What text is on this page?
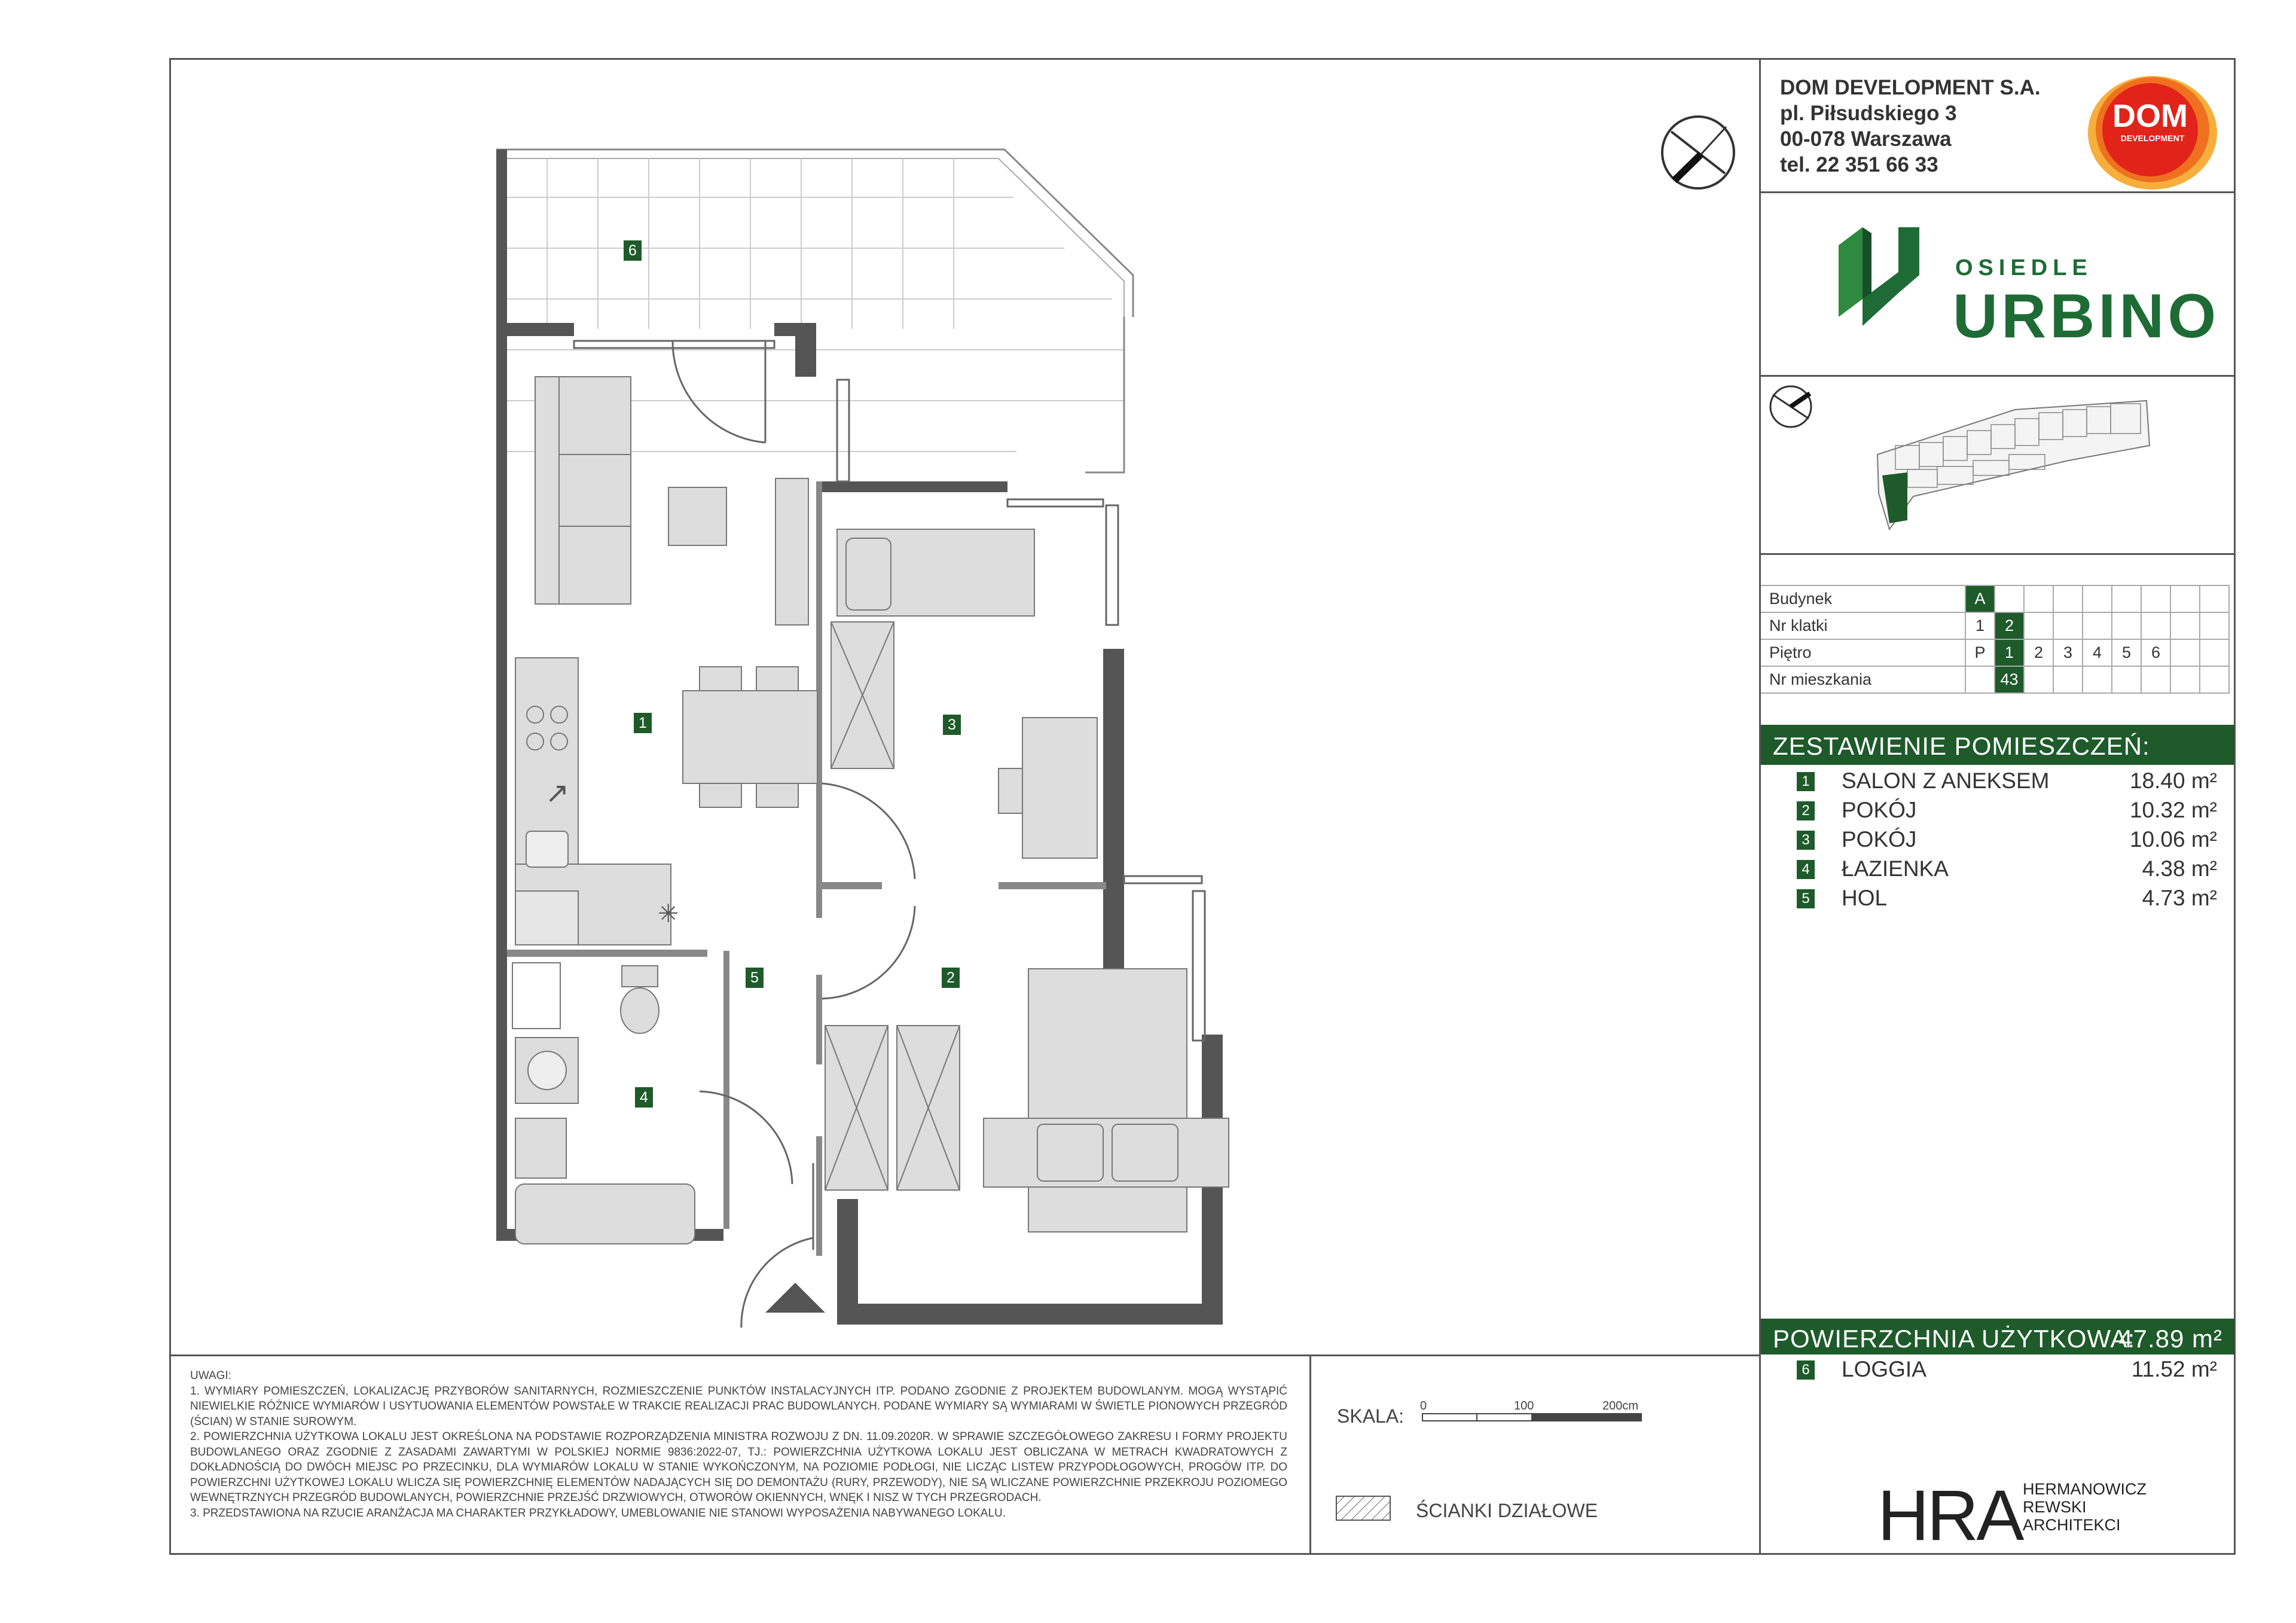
DOM DEVELOPMENT S.A.
pl. Piłsudskiego 3
00-078 Warszawa
tel. 22 351 66 33
DOM
DEVELOPMENT
OSIEDLE
URBINO
Budynek	A								
Nr klatki	1	2							
Piętro	P	1	2	3	4	5	6		
Nr mieszkania		43							
ZESTAWIENIE POMIESZCZEŃ:
1 SALON Z ANEKSEM	18.40 m²
2 POKÓJ	10.32 m²
3 POKÓJ	10.06 m²
4 ŁAZIENKA	4.38 m²
5 HOL	4.73 m²
POWIERZCHNIA UŻYTKOWA:
47.89 m²
6 LOGGIA	11.52 m²

UWAGI:

1. WYMIARY POMIESZCZEŃ, LOKALIZACJĘ PRZYBORÓW SANITARNYCH, ROZMIESZCZENIE PUNKTÓW INSTALACYJNYCH ITP. PODANO ZGODNIE Z PROJEKTEM BUDOWLANYM. MOGĄ WYSTĄPIĆ NIEWIELKIE RÓŻNICE WYMIARÓW I USYTUOWANIA ELEMENTÓW POWSTAŁE W TRAKCIE REALIZACJI PRAC BUDOWLANYCH. PODANE WYMIARY SĄ WYMIARAMI W ŚWIETLE PIONOWYCH PRZEGRÓD (ŚCIAN) W STANIE SUROWYM.

2. POWIERZCHNIA UŻYTKOWA LOKALU JEST OKREŚLONA NA PODSTAWIE ROZPORZĄDZENIA MINISTRA ROZWOJU Z DN. 11.09.2020R. W SPRAWIE SZCZEGÓŁOWEGO ZAKRESU I FORMY PROJEKTU BUDOWLANEGO ORAZ ZGODNIE Z ZASADAMI ZAWARTYMI W POLSKIEJ NORMIE 9836:2022-07, TJ.: POWIERZCHNIA UŻYTKOWA LOKALU JEST OBLICZANA W METRACH KWADRATOWYCH Z DOKŁADNOŚCIĄ DO DWÓCH MIEJSC PO PRZECINKU, DLA WYMIARÓW LOKALU W STANIE WYKOŃCZONYM, NA POZIOMIE PODŁOGI, NIE LICZĄC LISTEW PRZYPODŁOGOWYCH, PROGÓW ITP. DO POWIERZCHNI UŻYTKOWEJ LOKALU WLICZA SIĘ POWIERZCHNIĘ ELEMENTÓW NADAJĄCYCH SIĘ DO DEMONTAŻU (RURY, PRZEWODY), NIE SĄ WLICZANE POWIERZCHNIE PRZEKROJU POZIOMEGO WEWNĘTRZNYCH PRZEGRÓD BUDOWLANYCH, POWIERZCHNIE PRZEJŚĆ DRZWIOWYCH, OTWORÓW OKIENNYCH, WNĘK I NISZ W TYCH PRZEGRODACH.

3. PRZEDSTAWIONA NA RZUCIE ARANŻACJA MA CHARAKTER PRZYKŁADOWY, UMEBLOWANIE NIE STANOWI WYPOSAŻENIA NABYWANEGO LOKALU.

SKALA: 0	100	200cm
ŚCIANKI DZIAŁOWE	HRA HERMANOWICZ
REWSKI
ARCHITEKCI
↗
✳
6
1	3
5	2
4
